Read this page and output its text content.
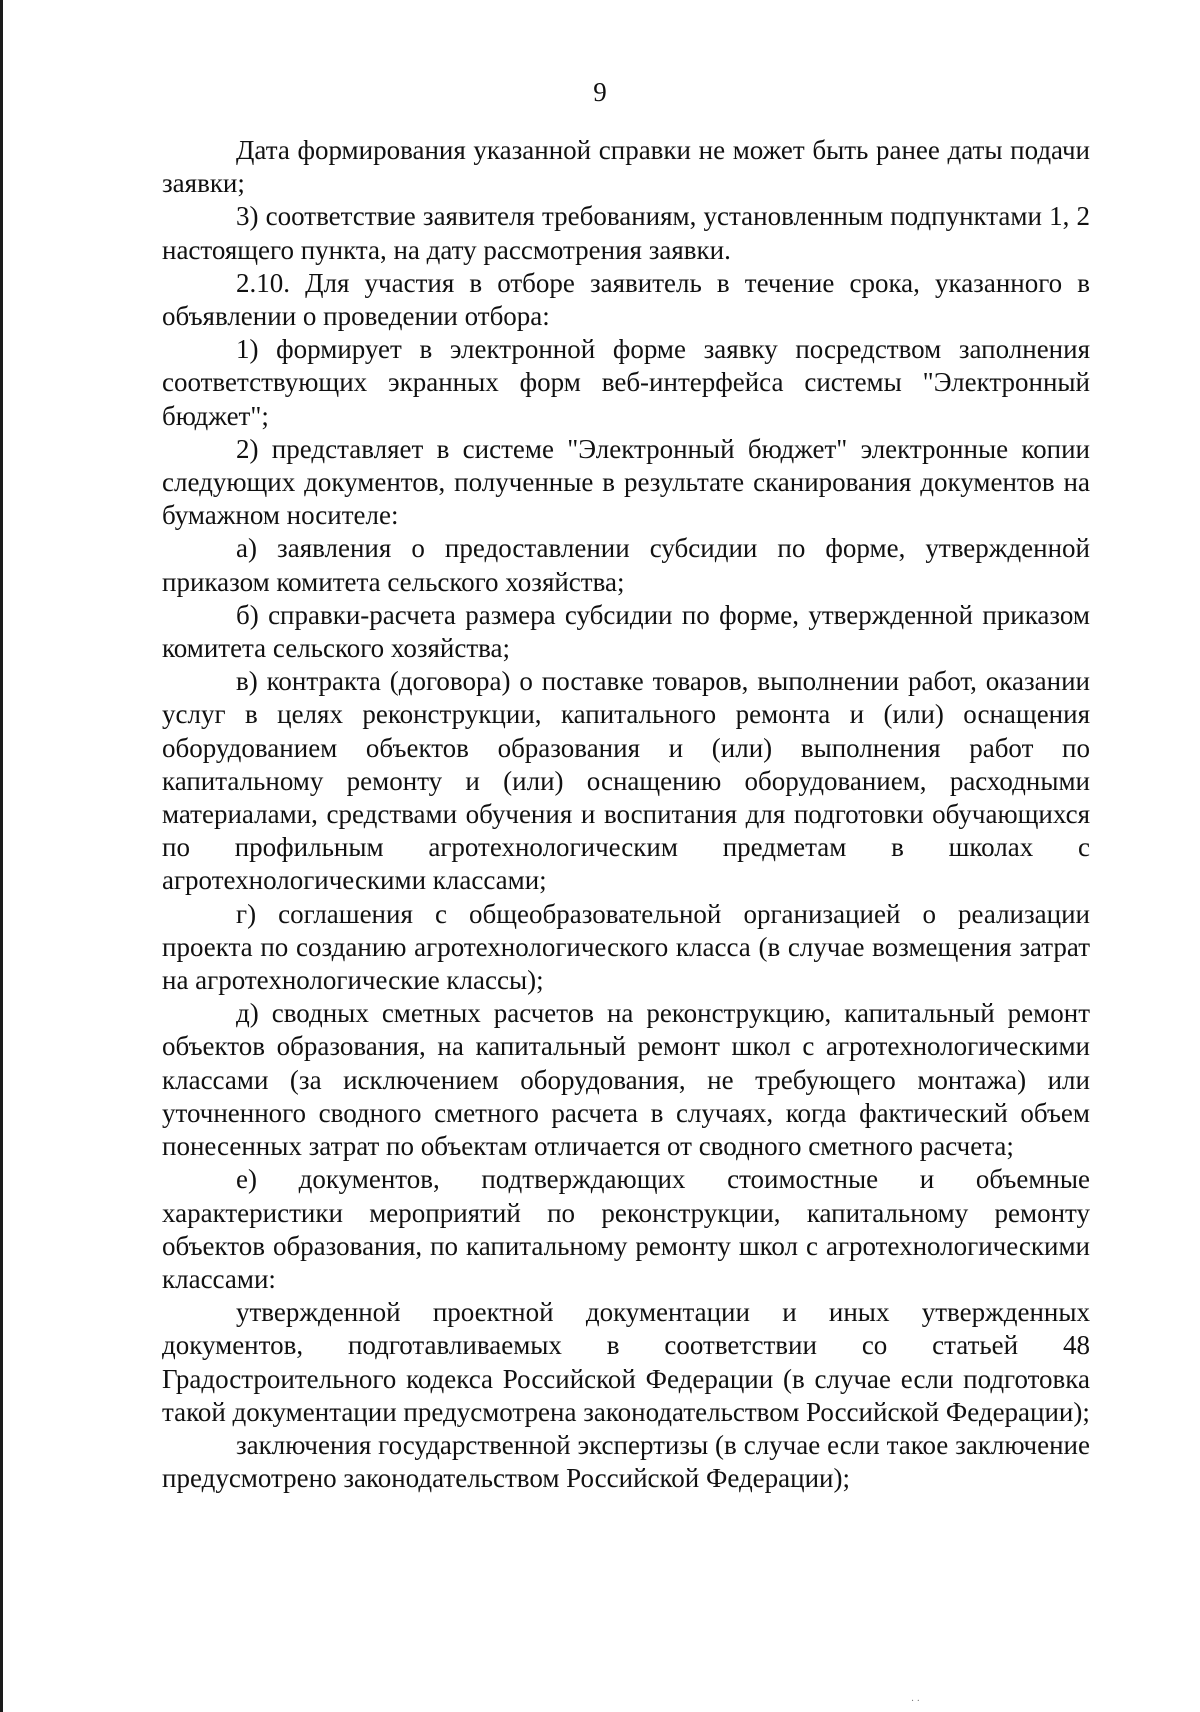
9

Дата формирования указанной справки не может быть ранее даты подачи заявки;

3) соответствие заявителя требованиям, установленным подпунктами 1, 2 настоящего пункта, на дату рассмотрения заявки.

2.10. Для участия в отборе заявитель в течение срока, указанного в объявлении о проведении отбора:

1) формирует в электронной форме заявку посредством заполнения соответствующих экранных форм веб-интерфейса системы "Электронный бюджет";

2) представляет в системе "Электронный бюджет" электронные копии следующих документов, полученные в результате сканирования документов на бумажном носителе:

а) заявления о предоставлении субсидии по форме, утвержденной приказом комитета сельского хозяйства;

б) справки-расчета размера субсидии по форме, утвержденной приказом комитета сельского хозяйства;

в) контракта (договора) о поставке товаров, выполнении работ, оказании услуг в целях реконструкции, капитального ремонта и (или) оснащения оборудованием объектов образования и (или) выполнения работ по капитальному ремонту и (или) оснащению оборудованием, расходными материалами, средствами обучения и воспитания для подготовки обучающихся по профильным агротехнологическим предметам в школах с агротехнологическими классами;

г) соглашения с общеобразовательной организацией о реализации проекта по созданию агротехнологического класса (в случае возмещения затрат на агротехнологические классы);

д) сводных сметных расчетов на реконструкцию, капитальный ремонт объектов образования, на капитальный ремонт школ с агротехнологическими классами (за исключением оборудования, не требующего монтажа) или уточненного сводного сметного расчета в случаях, когда фактический объем понесенных затрат по объектам отличается от сводного сметного расчета;

е) документов, подтверждающих стоимостные и объемные характеристики мероприятий по реконструкции, капитальному ремонту объектов образования, по капитальному ремонту школ с агротехнологическими классами:

утвержденной проектной документации и иных утвержденных документов, подготавливаемых в соответствии со статьей 48 Градостроительного кодекса Российской Федерации (в случае если подготовка такой документации предусмотрена законодательством Российской Федерации);

заключения государственной экспертизы (в случае если такое заключение предусмотрено законодательством Российской Федерации);

· ·
